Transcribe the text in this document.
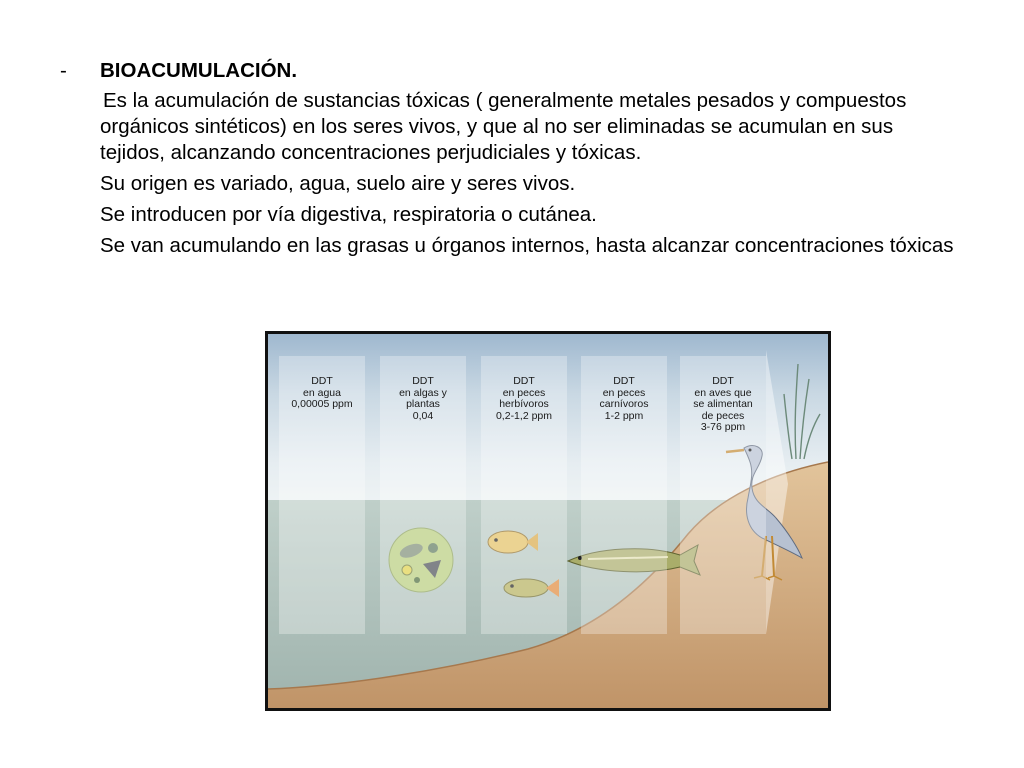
-	BIOACUMULACIÓN.
Es la acumulación de sustancias tóxicas ( generalmente metales pesados y compuestos orgánicos sintéticos) en los seres vivos, y que al no ser eliminadas se acumulan en sus tejidos, alcanzando concentraciones perjudiciales y tóxicas.
Su origen es variado, agua, suelo aire y seres vivos.
Se introducen por vía digestiva, respiratoria o cutánea.
Se van acumulando en las grasas u órganos internos, hasta alcanzar concentraciones tóxicas
DDT
en agua
0,00005 ppm
DDT
en algas y
plantas
0,04
DDT
en peces
herbívoros
0,2-1,2 ppm
DDT
en peces
carnívoros
1-2 ppm
DDT
en aves que
se alimentan
de peces
3-76 ppm
